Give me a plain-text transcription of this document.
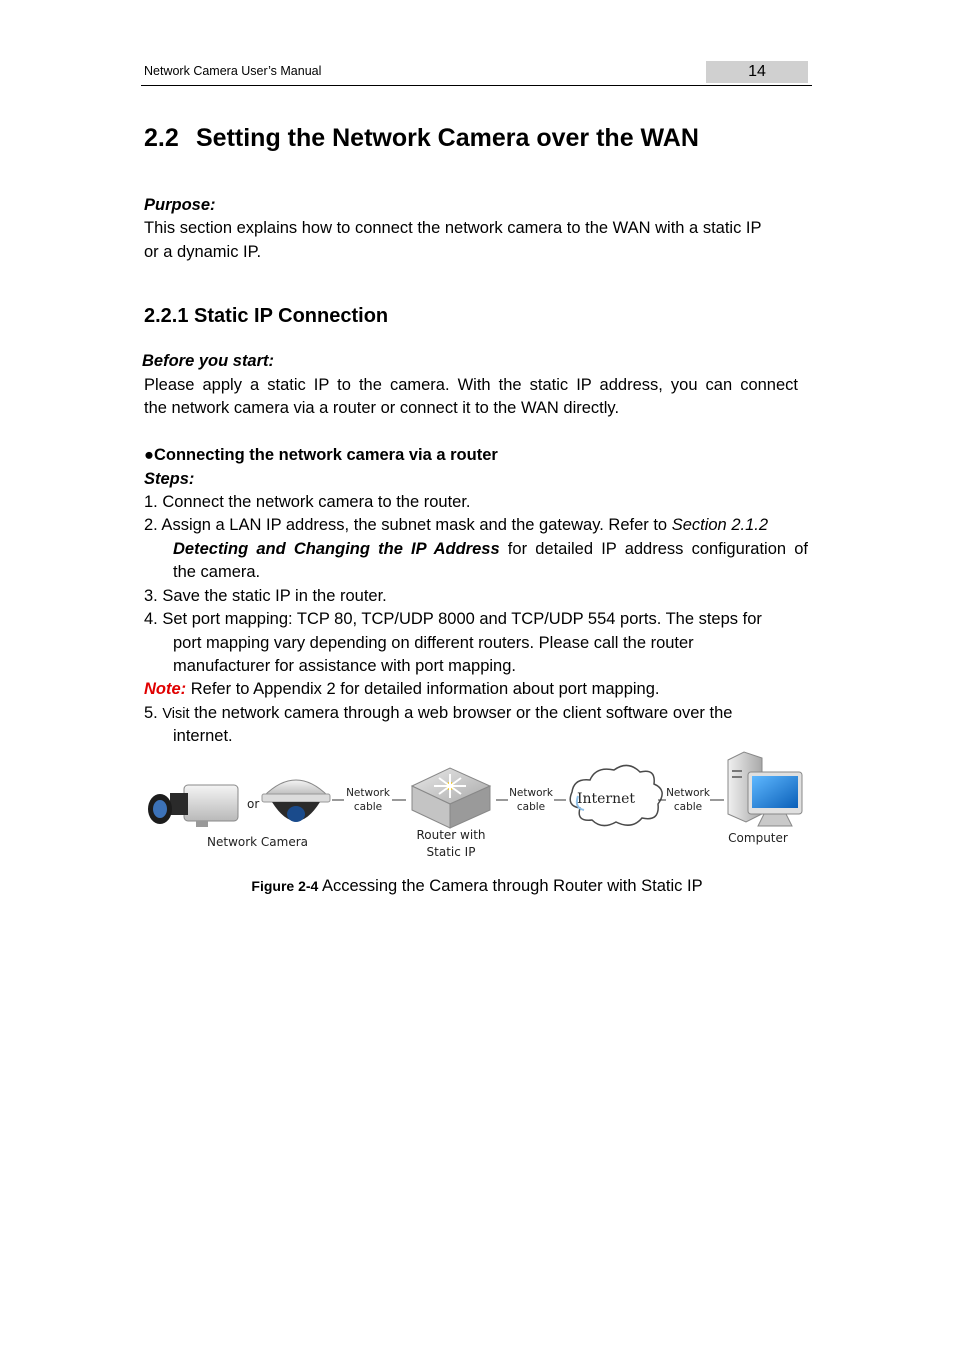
Network Camera User’s Manual	14
2.2 Setting the Network Camera over the WAN
Purpose:
This section explains how to connect the network camera to the WAN with a static IP
or a dynamic IP.
2.2.1 Static IP Connection
Before you start:
Please apply a static IP to the camera. With the static IP address, you can connect
the network camera via a router or connect it to the WAN directly.
●Connecting the network camera via a router
Steps:
1. Connect the network camera to the router.
2. Assign a LAN IP address, the subnet mask and the gateway. Refer to Section 2.1.2
Detecting and Changing the IP Address for detailed IP address configuration of
the camera.
3. Save the static IP in the router.
4. Set port mapping: TCP 80, TCP/UDP 8000 and TCP/UDP 554 ports. The steps for
port mapping vary depending on different routers. Please call the router
manufacturer for assistance with port mapping.
Note: Refer to Appendix 2 for detailed information about port mapping.
5. Visit the network camera through a web browser or the client software over the
internet.
or
Network Camera
Network
cable
Router with
Static IP
Network
cable Internet	Network
cable
Computer
Figure 2-4 Accessing the Camera through Router with Static IP
